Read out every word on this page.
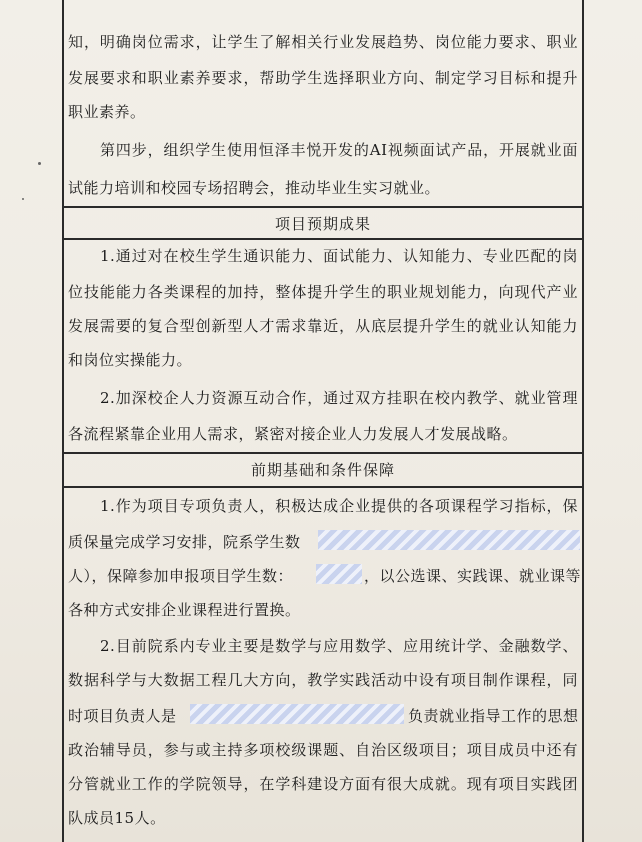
知，明确岗位需求，让学生了解相关行业发展趋势、岗位能力要求、职业
发展要求和职业素养要求，帮助学生选择职业方向、制定学习目标和提升
职业素养。
第四步，组织学生使用恒泽丰悦开发的AI视频面试产品，开展就业面
试能力培训和校园专场招聘会，推动毕业生实习就业。
项目预期成果
1.通过对在校生学生通识能力、面试能力、认知能力、专业匹配的岗
位技能能力各类课程的加持，整体提升学生的职业规划能力，向现代产业
发展需要的复合型创新型人才需求靠近，从底层提升学生的就业认知能力
和岗位实操能力。
2.加深校企人力资源互动合作，通过双方挂职在校内教学、就业管理
各流程紧靠企业用人需求，紧密对接企业人力发展人才发展战略。
前期基础和条件保障
1.作为项目专项负责人，积极达成企业提供的各项课程学习指标，保
质保量完成学习安排，院系学生数
人），保障参加申报项目学生数：	，以公选课、实践课、就业课等
各种方式安排企业课程进行置换。
2.目前院系内专业主要是数学与应用数学、应用统计学、金融数学、
数据科学与大数据工程几大方向，教学实践活动中设有项目制作课程，同
时项目负责人是	负责就业指导工作的思想
政治辅导员，参与或主持多项校级课题、自治区级项目；项目成员中还有
分管就业工作的学院领导，在学科建设方面有很大成就。现有项目实践团
队成员15人。
